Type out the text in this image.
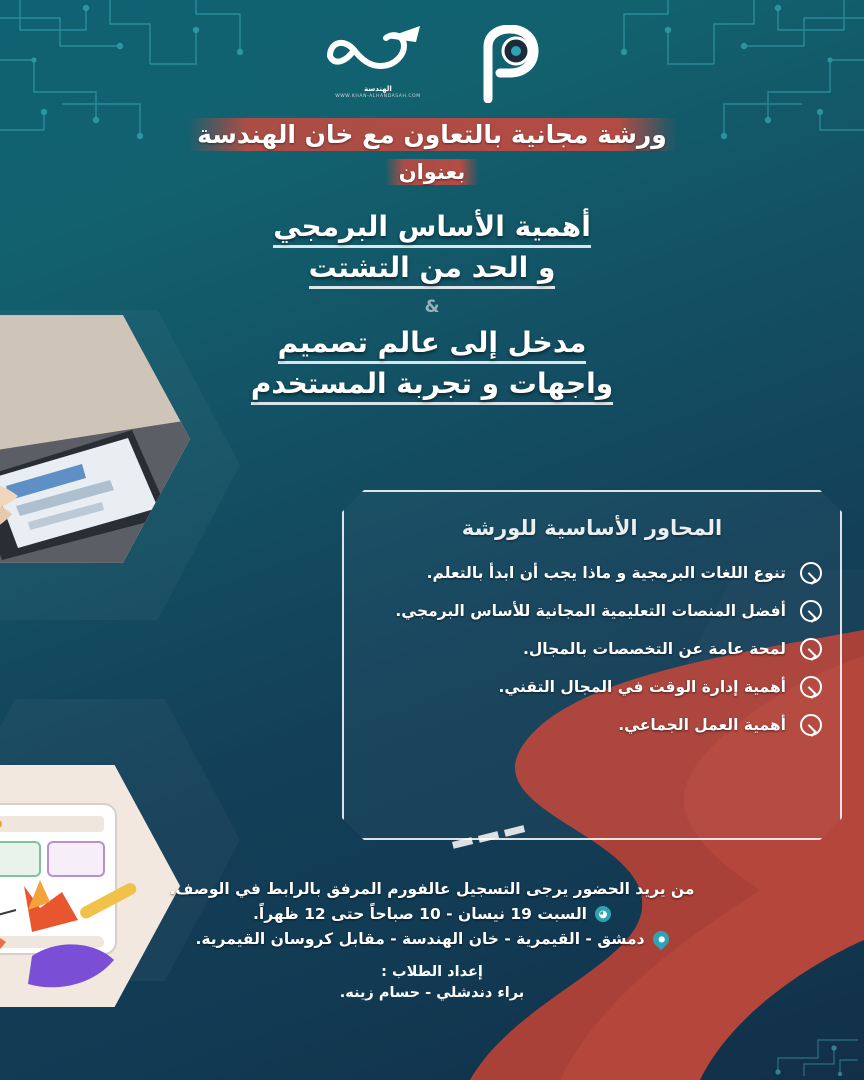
الهندسة
WWW.KHAN-ALHANDASAH.COM
ورشة مجانية بالتعاون مع خان الهندسة
بعنوان
أهمية الأساس البرمجي
و الحد من التشتت
&
مدخل إلى عالم تصميم
واجهات و تجربة المستخدم
المحاور الأساسية للورشة
تنوع اللغات البرمجية و ماذا يجب أن ابدأ بالتعلم.
أفضل المنصات التعليمية المجانية للأساس البرمجي.
لمحة عامة عن التخصصات بالمجال.
أهمية إدارة الوقت في المجال التقني.
أهمية العمل الجماعي.
من يريد الحضور يرجى التسجيل عالفورم المرفق بالرابط في الوصف.
◕
السبت 19 نيسان - 10 صباحاً حتى 12 ظهراً.
●
دمشق - القيمرية - خان الهندسة - مقابل كروسان القيمرية.
إعداد الطلاب :
براء دندشلي - حسام زينه.
